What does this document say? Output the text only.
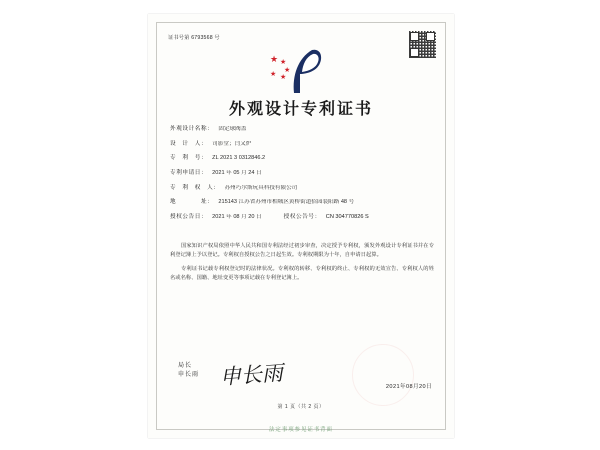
证书号第 6793568 号
★ ★
★
★
★
外观设计专利证书
外观设计名称： 固定球阀盖
设　计　人： 司影堂；闫又炉
专　利　号： ZL 2021 3 0312846.2
专利申请日： 2021 年 05 月 24 日
专　利　权　人： 苏州巧尔斯玩具科技有限公司
地　　　　址： 215143 江苏省苏州市相城区黄桥街道招园装阳路 48 号
授权公告日： 2021 年 08 月 20 日	授权公告号： CN 304770826 S

国家知识产权局依照中华人民共和国专利法经过初步审查，决定授予专利权，颁发外观设计专利证书并在专利登记簿上予以登记。专利权自授权公告之日起生效。专利权期限为十年，自申请日起算。

专利证书记载专利权登记时的法律状况。专利权的转移、专利权的终止、专利权的无效宣告、专利权人的姓名或名称、国籍、地址变更等事项记载在专利登记簿上。

局长
申长雨 申长雨	2021年08月20日
第 1 页（共 2 页）
法定事项参见证书背面
